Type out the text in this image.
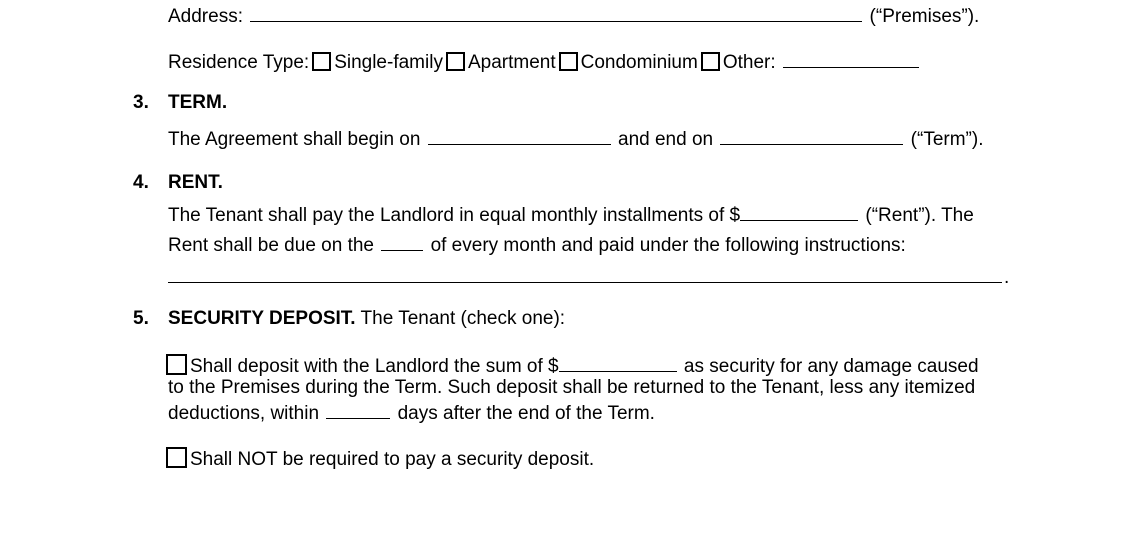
Address:	(“Premises”).
Residence Type: Single-family Apartment Condominium Other:
3. TERM.
The Agreement shall begin on	and end on	(“Term”).
4. RENT.
The Tenant shall pay the Landlord in equal monthly installments of $	(“Rent”). The
Rent shall be due on the	of every month and paid under the following instructions:
.
5. SECURITY DEPOSIT. The Tenant (check one):
Shall deposit with the Landlord the sum of $	as security for any damage caused
to the Premises during the Term. Such deposit shall be returned to the Tenant, less any itemized
deductions, within	days after the end of the Term.
Shall NOT be required to pay a security deposit.
